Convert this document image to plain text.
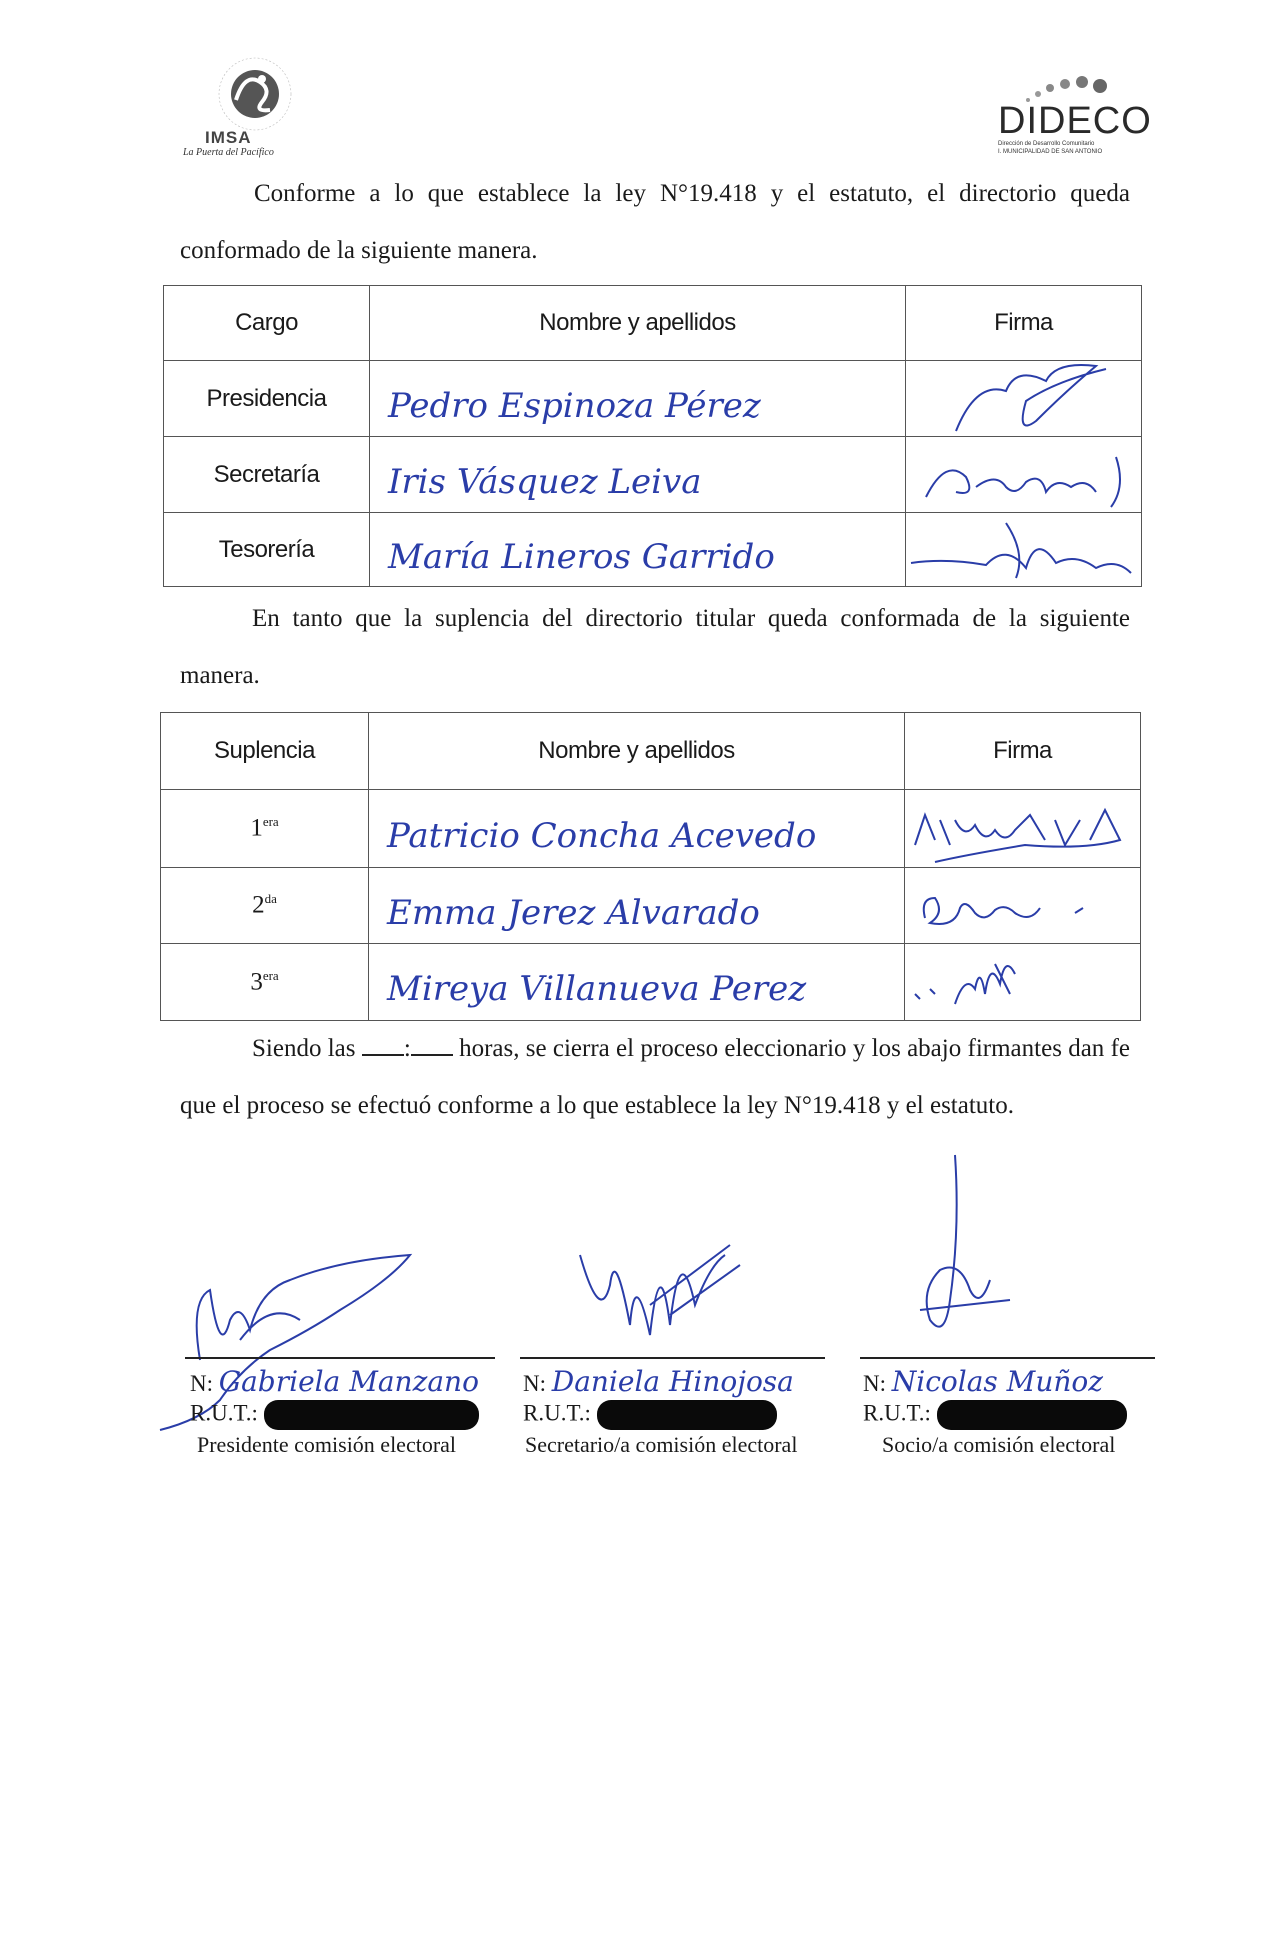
IMSA
La Puerta del Pacífico
DIDECO
Dirección de Desarrollo Comunitario
I. MUNICIPALIDAD DE SAN ANTONIO
Conforme a lo que establece la ley N°19.418 y el estatuto, el directorio queda conformado de la siguiente manera.
Cargo	Nombre y apellidos	Firma
Presidencia	Pedro Espinoza Pérez	

Secretaría	Iris Vásquez Leiva	

Tesorería	María Lineros Garrido	
En tanto que la suplencia del directorio titular queda conformada de la siguiente manera.
Suplencia	Nombre y apellidos	Firma
$1^{era}$	Patricio Concha Acevedo	

$2^{da}$	Emma Jerez Alvarado	

$3^{era}$	Mireya Villanueva Perez	
Siendo las : horas, se cierra el proceso eleccionario y los abajo firmantes dan fe que el proceso se efectuó conforme a lo que establece la ley N°19.418 y el estatuto.
N: Gabriela Manzano
R.U.T.:
Presidente comisión electoral
N: Daniela Hinojosa
R.U.T.:
Secretario/a comisión electoral
N: Nicolas Muñoz
R.U.T.:
Socio/a comisión electoral
